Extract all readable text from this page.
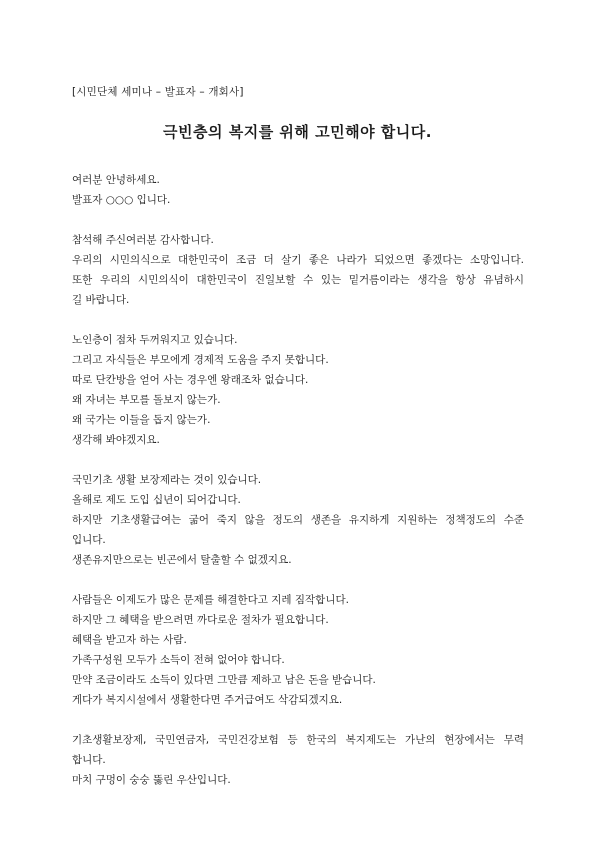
[시민단체 세미나 – 발표자 – 개회사]
극빈층의 복지를 위해 고민해야 합니다.
여러분 안녕하세요.
발표자 ○○○ 입니다.
참석해 주신여러분 감사합니다.
우리의 시민의식으로 대한민국이 조금 더 살기 좋은 나라가 되었으면 좋겠다는 소망입니다.
또한 우리의 시민의식이 대한민국이 진일보할 수 있는 밑거름이라는 생각을 항상 유념하시
길 바랍니다.
노인층이 점차 두꺼워지고 있습니다.
그리고 자식들은 부모에게 경제적 도움을 주지 못합니다.
따로 단칸방을 얻어 사는 경우엔 왕래조차 없습니다.
왜 자녀는 부모를 돌보지 않는가.
왜 국가는 이들을 돕지 않는가.
생각해 봐야겠지요.
국민기초 생활 보장제라는 것이 있습니다.
올해로 제도 도입 십년이 되어갑니다.
하지만 기초생활급여는 굶어 죽지 않을 정도의 생존을 유지하게 지원하는 정책정도의 수준
입니다.
생존유지만으로는 빈곤에서 탈출할 수 없겠지요.
사람들은 이제도가 많은 문제를 해결한다고 지레 짐작합니다.
하지만 그 혜택을 받으려면 까다로운 절차가 필요합니다.
혜택을 받고자 하는 사람.
가족구성원 모두가 소득이 전혀 없어야 합니다.
만약 조금이라도 소득이 있다면 그만큼 제하고 남은 돈을 받습니다.
게다가 복지시설에서 생활한다면 주거급여도 삭감되겠지요.
기초생활보장제, 국민연금자, 국민건강보험 등 한국의 복지제도는 가난의 현장에서는 무력
합니다.
마치 구멍이 숭숭 뚫린 우산입니다.
